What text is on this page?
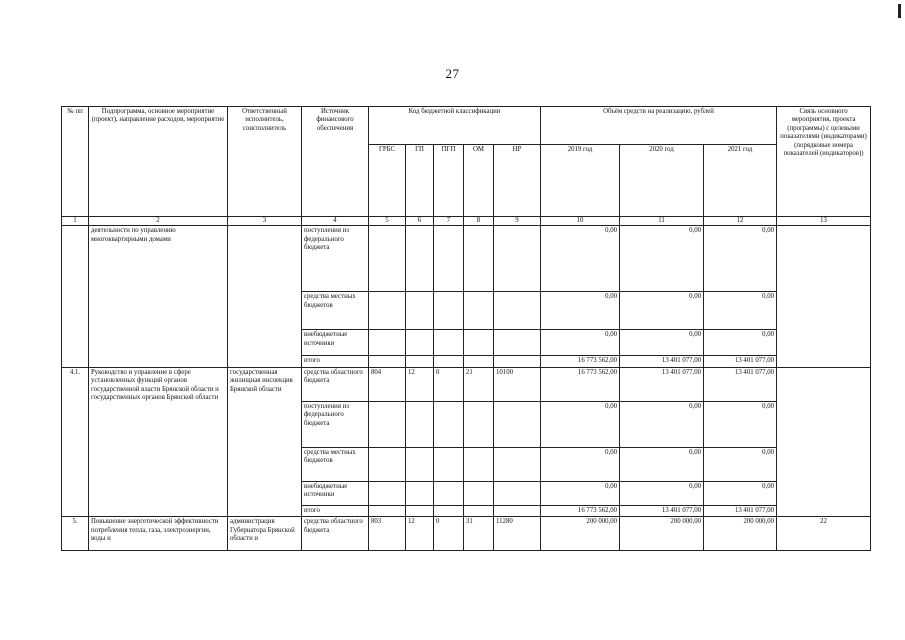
27
№ пп	Подпрограмма, основное мероприятие (проект), направление расходов, мероприятие	Ответственный исполнитель, соисполнитель	Источник финансового обеспечения	Код бюджетной классификации					Объём средств на реализацию, рублей			Связь основного мероприятия, проекта (программы) с целевыми показателями (индикаторами) (порядковые номера показателей (индикаторов))
				ГРБС	ГП	ПГП	ОМ	НР	2019 год	2020 год	2021 год	
1	2	3	4	5	6	7	8	9	10	11	12	13
	деятельности по управлению многоквартирными домами		поступления из федерального бюджета						0,00	0,00	0,00	
			средства местных бюджетов						0,00	0,00	0,00	
			внебюджетные источники						0,00	0,00	0,00	
			итого						16 773 562,00	13 401 077,00	13 401 077,00	
4.1.	Руководство и управление в сфере установленных функций органов государственной власти Брянской области и государственных органов Брянской области	государственная жилищная инспекция Брянской области	средства областного бюджета	804	12	0	21	10100	16 773 562,00	13 401 077,00	13 401 077,00	
			поступления из федерального бюджета						0,00	0,00	0,00	
			средства местных бюджетов						0,00	0,00	0,00	
			внебюджетные источники						0,00	0,00	0,00	
			итого						16 773 562,00	13 401 077,00	13 401 077,00	
5.	Повышение энергетической эффективности потребления тепла, газа, электроэнергии, воды и	администрация Губернатора Брянской области и	средства областного бюджета	803	12	0	31	11280	200 000,00	200 000,00	200 000,00	22
